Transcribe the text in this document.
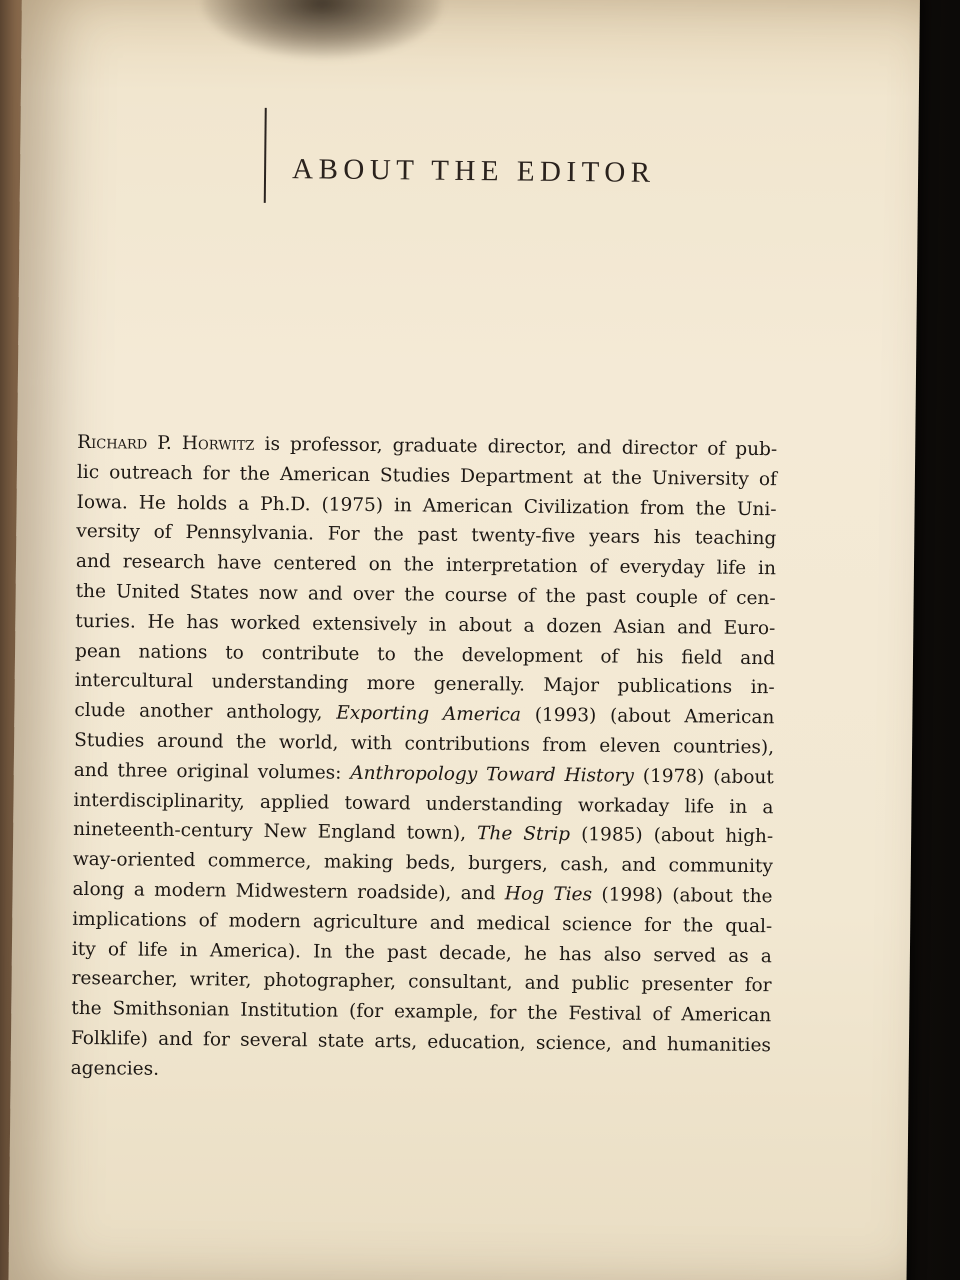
ABOUT THE EDITOR

Richard P. Horwitz is professor, graduate director, and director of pub-
lic outreach for the American Studies Department at the University of
Iowa. He holds a Ph.D. (1975) in American Civilization from the Uni-
versity of Pennsylvania. For the past twenty-five years his teaching
and research have centered on the interpretation of everyday life in
the United States now and over the course of the past couple of cen-
turies. He has worked extensively in about a dozen Asian and Euro-
pean nations to contribute to the development of his field and
intercultural understanding more generally. Major publications in-
clude another anthology, Exporting America (1993) (about American
Studies around the world, with contributions from eleven countries),
and three original volumes: Anthropology Toward History (1978) (about
interdisciplinarity, applied toward understanding workaday life in a
nineteenth-century New England town), The Strip (1985) (about high-
way-oriented commerce, making beds, burgers, cash, and community
along a modern Midwestern roadside), and Hog Ties (1998) (about the
implications of modern agriculture and medical science for the qual-
ity of life in America). In the past decade, he has also served as a
researcher, writer, photographer, consultant, and public presenter for
the Smithsonian Institution (for example, for the Festival of American
Folklife) and for several state arts, education, science, and humanities
agencies.
